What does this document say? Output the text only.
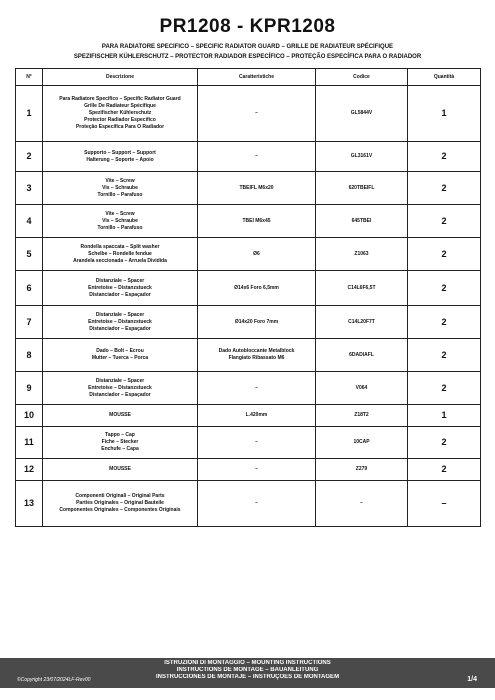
PR1208 - KPR1208
PARA RADIATORE SPECIFICO – SPECIFIC RADIATOR GUARD – GRILLE DE RADIATEUR SPÉCIFIQUE
SPEZIFISCHER KÜHLERSCHUTZ – PROTECTOR RADIADOR ESPECÍFICO – PROTEÇÃO ESPECÍFICA PARA O RADIADOR
N°	Descrizione	Caratteristiche	Codice	Quantità
1	Para Radiatore Specifico – Specific Radiator Guard
Grille De Radiateur Spécifique
Spezifischer Kühlerschutz
Protector Radiador Específico
Proteção Específica Para O Radiador	–	GL5844V	1
2	Supporto – Support – Support
Halterung – Soporte – Apoio	–	GL3161V	2
3	Vite – Screw
Vis – Schraube
Tornillo – Parafuso	TBEIFL M6x20	620TBEIFL	2
4	Vite – Screw
Vis – Schraube
Tornillo – Parafuso	TBEI M6x45	645TBEI	2
5	Rondella spaccata – Split washer
Schelbe – Rondelle fendue
Arandela seccionada – Arruela Dividida	Ø6	Z1063	2
6	Distanziale – Spacer
Entretoise – Distanzstueck
Distanciador – Espaçador	Ø14x6 Foro 6,5mm	C14L6F6,5T	2
7	Distanziale – Spacer
Entretoise – Distanzstueck
Distanciador – Espaçador	Ø14x20 Foro 7mm	C14L20F7T	2
8	Dado – Bolt – Ecrou
Mutter – Tuerca – Porca	Dado Autobloccante Metalblock
Flangiato Ribassato M6	6DADIAFL	2
9	Distanziale – Spacer
Entretoise – Distanzstueck
Distanciador – Espaçador	–	V064	2
10	MOUSSE	L.420mm	Z18T2	1
11	Tappo – Cap
Fiche – Stecker
Enchufe – Capa	–	10CAP	2
12	MOUSSE	–	Z279	2
13	Componenti Originali – Original Parts
Parties Originales – Original Bauteile
Componentes Originales – Componentes Originais	–	–	–
ISTRUZIONI DI MONTAGGIO – MOUNTING INSTRUCTIONS
INSTRUCTIONS DE MONTAGE – BAUANLEITUNG
INSTRUCCIONES DE MONTAJE – INSTRUÇÕES DE MONTAGEM
©Copyright 23/07/2024LF-Rev00	1/4
